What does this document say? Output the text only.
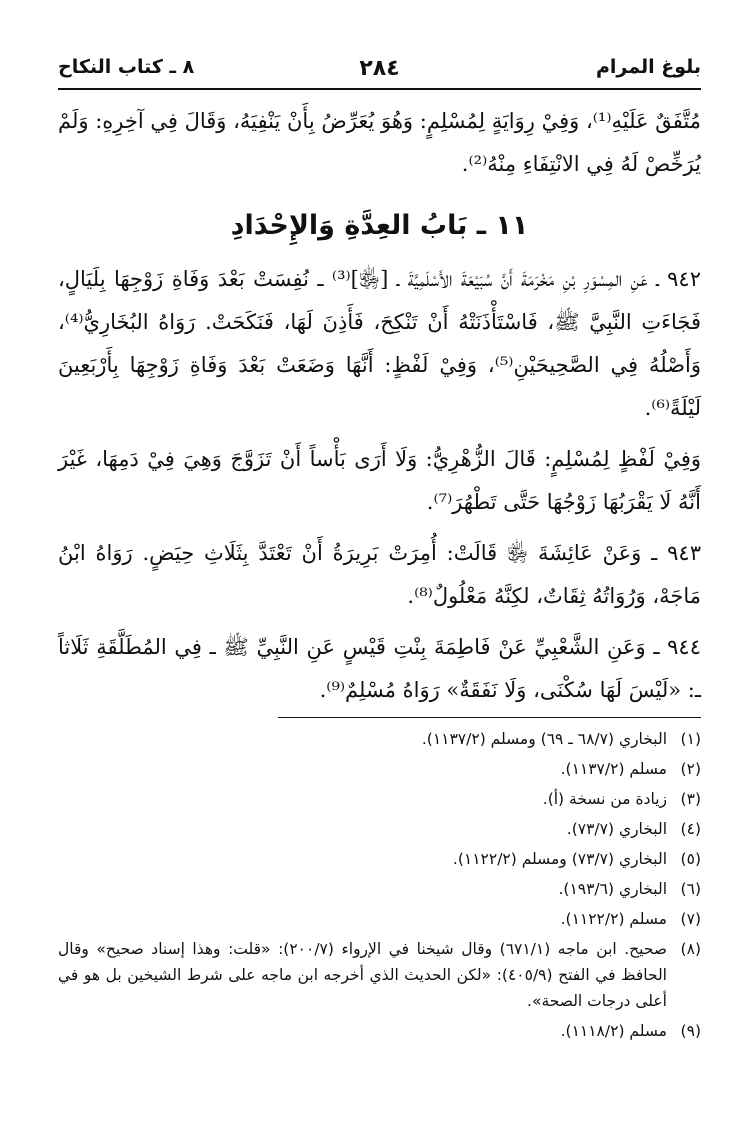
٨ ـ كتاب النكاح	٢٨٤	بلوغ المرام

مُتَّفَقٌ عَلَيْهِ⁽¹⁾، وَفِيْ رِوَايَةٍ لِمُسْلِمٍ: وَهُوَ يُعَرِّضُ بِأَنْ يَنْفِيَهُ، وَقَالَ فِي آخِرِهِ: وَلَمْ يُرَخِّصْ لَهُ فِي الانْتِفَاءِ مِنْهُ⁽²⁾.

١١ ـ بَابُ العِدَّةِ وَالإِحْدَادِ

٩٤٢ ـ عَنِ المِسْوَرِ بْنِ مَخْرَمَةَ أَنَّ سُبَيْعَةَ الأَسْلَمِيَّةَ ـ [﵂]⁽³⁾ ـ نُفِسَتْ بَعْدَ وَفَاةِ زَوْجِهَا بِلَيَالٍ، فَجَاءَتِ النَّبِيَّ ﷺ، فَاسْتَأْذَنَتْهُ أَنْ تَنْكِحَ، فَأَذِنَ لَهَا، فَنَكَحَتْ. رَوَاهُ البُخَارِيُّ⁽⁴⁾، وَأَصْلُهُ فِي الصَّحِيحَيْنِ⁽⁵⁾، وَفِيْ لَفْظٍ: أَنَّهَا وَضَعَتْ بَعْدَ وَفَاةِ زَوْجِهَا بِأَرْبَعِينَ لَيْلَةً⁽⁶⁾.

وَفِيْ لَفْظٍ لِمُسْلِمٍ: قَالَ الزُّهْرِيُّ: وَلَا أَرَى بَأْساً أَنْ تَزَوَّجَ وَهِيَ فِيْ دَمِهَا، غَيْرَ أَنَّهُ لَا يَقْرَبُهَا زَوْجُهَا حَتَّى تَطْهُرَ⁽⁷⁾.

٩٤٣ ـ وَعَنْ عَائِشَةَ ﵂ قَالَتْ: أُمِرَتْ بَرِيرَةُ أَنْ تَعْتَدَّ بِثَلَاثِ حِيَضٍ. رَوَاهُ ابْنُ مَاجَهْ، وَرُوَاتُهُ ثِقَاتٌ، لكِنَّهُ مَعْلُولٌ⁽⁸⁾.

٩٤٤ ـ وَعَنِ الشَّعْبِيِّ عَنْ فَاطِمَةَ بِنْتِ قَيْسٍ عَنِ النَّبِيِّ ﷺ ـ فِي المُطَلَّقَةِ ثَلَاثاً ـ: «لَيْسَ لَهَا سُكْنَى، وَلَا نَفَقَةٌ» رَوَاهُ مُسْلِمٌ⁽⁹⁾.

(١)
البخاري (٦٨/٧ ـ ٦٩) ومسلم (١١٣٧/٢).
(٢)
مسلم (١١٣٧/٢).
(٣)
زيادة من نسخة (أ).
(٤)
البخاري (٧٣/٧).
(٥)
البخاري (٧٣/٧) ومسلم (١١٢٢/٢).
(٦)
البخاري (١٩٣/٦).
(٧)
مسلم (١١٢٢/٢).
(٨)
صحيح. ابن ماجه (٦٧١/١) وقال شيخنا في الإرواء (٢٠٠/٧): «قلت: وهذا إسناد صحيح» وقال الحافظ في الفتح (٤٠٥/٩): «لكن الحديث الذي أخرجه ابن ماجه على شرط الشيخين بل هو في أعلى درجات الصحة».
(٩)
مسلم (١١١٨/٢).
